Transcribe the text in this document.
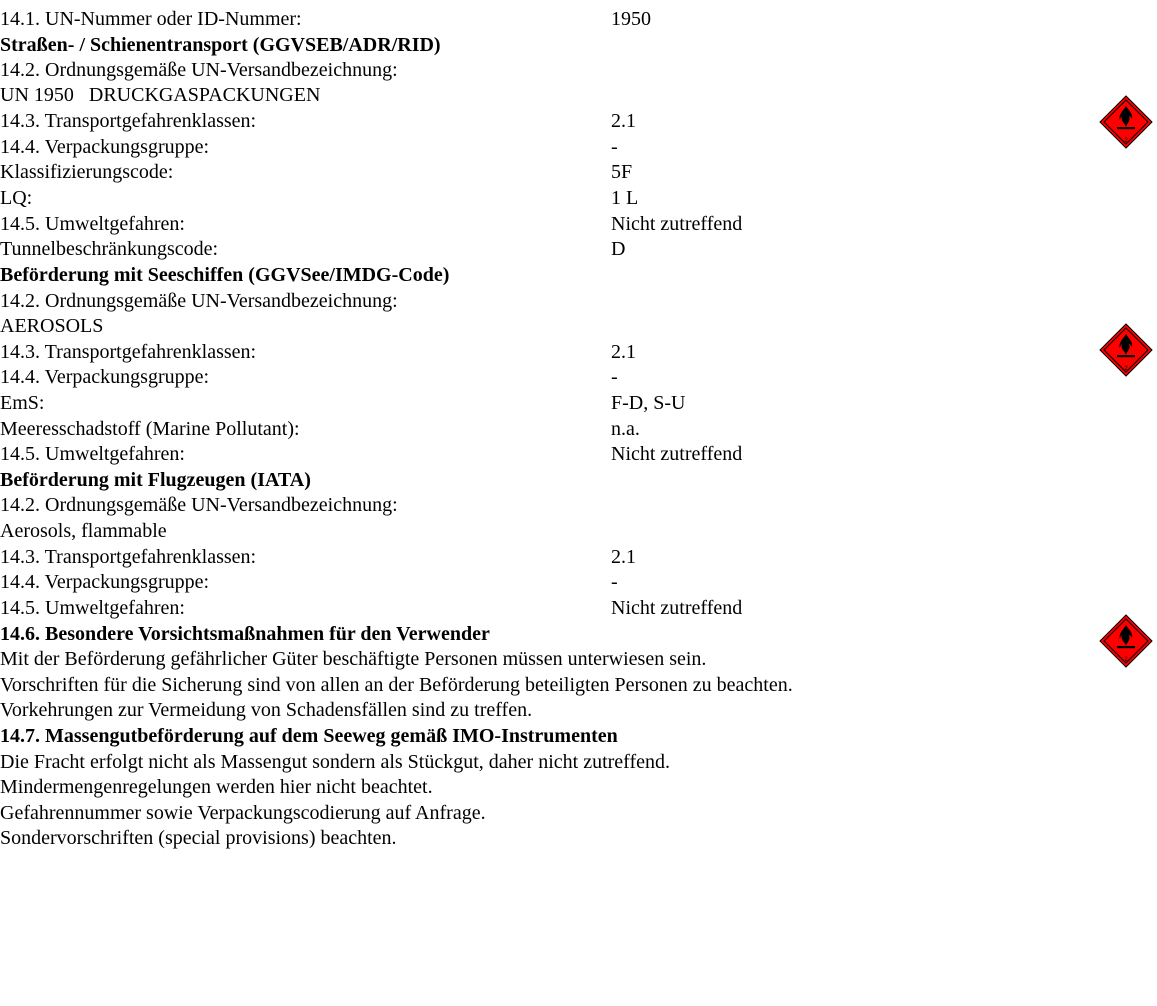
14.1. UN-Nummer oder ID-Nummer:	1950
Straßen- / Schienentransport (GGVSEB/ADR/RID)
14.2. Ordnungsgemäße UN-Versandbezeichnung:
UN 1950   DRUCKGASPACKUNGEN
14.3. Transportgefahrenklassen:	2.1
14.4. Verpackungsgruppe:	-
Klassifizierungscode:	5F
LQ:	1 L
14.5. Umweltgefahren:	Nicht zutreffend
Tunnelbeschränkungscode:	D
Beförderung mit Seeschiffen (GGVSee/IMDG-Code)
14.2. Ordnungsgemäße UN-Versandbezeichnung:
AEROSOLS
14.3. Transportgefahrenklassen:	2.1
14.4. Verpackungsgruppe:	-
EmS:	F-D, S-U
Meeresschadstoff (Marine Pollutant):	n.a.
14.5. Umweltgefahren:	Nicht zutreffend
Beförderung mit Flugzeugen (IATA)
14.2. Ordnungsgemäße UN-Versandbezeichnung:
Aerosols, flammable
14.3. Transportgefahrenklassen:	2.1
14.4. Verpackungsgruppe:	-
14.5. Umweltgefahren:	Nicht zutreffend
14.6. Besondere Vorsichtsmaßnahmen für den Verwender
Mit der Beförderung gefährlicher Güter beschäftigte Personen müssen unterwiesen sein.
Vorschriften für die Sicherung sind von allen an der Beförderung beteiligten Personen zu beachten.
Vorkehrungen zur Vermeidung von Schadensfällen sind zu treffen.
14.7. Massengutbeförderung auf dem Seeweg gemäß IMO-Instrumenten
Die Fracht erfolgt nicht als Massengut sondern als Stückgut, daher nicht zutreffend.
Mindermengenregelungen werden hier nicht beachtet.
Gefahrennummer sowie Verpackungscodierung auf Anfrage.
Sondervorschriften (special provisions) beachten.
2
2
2
